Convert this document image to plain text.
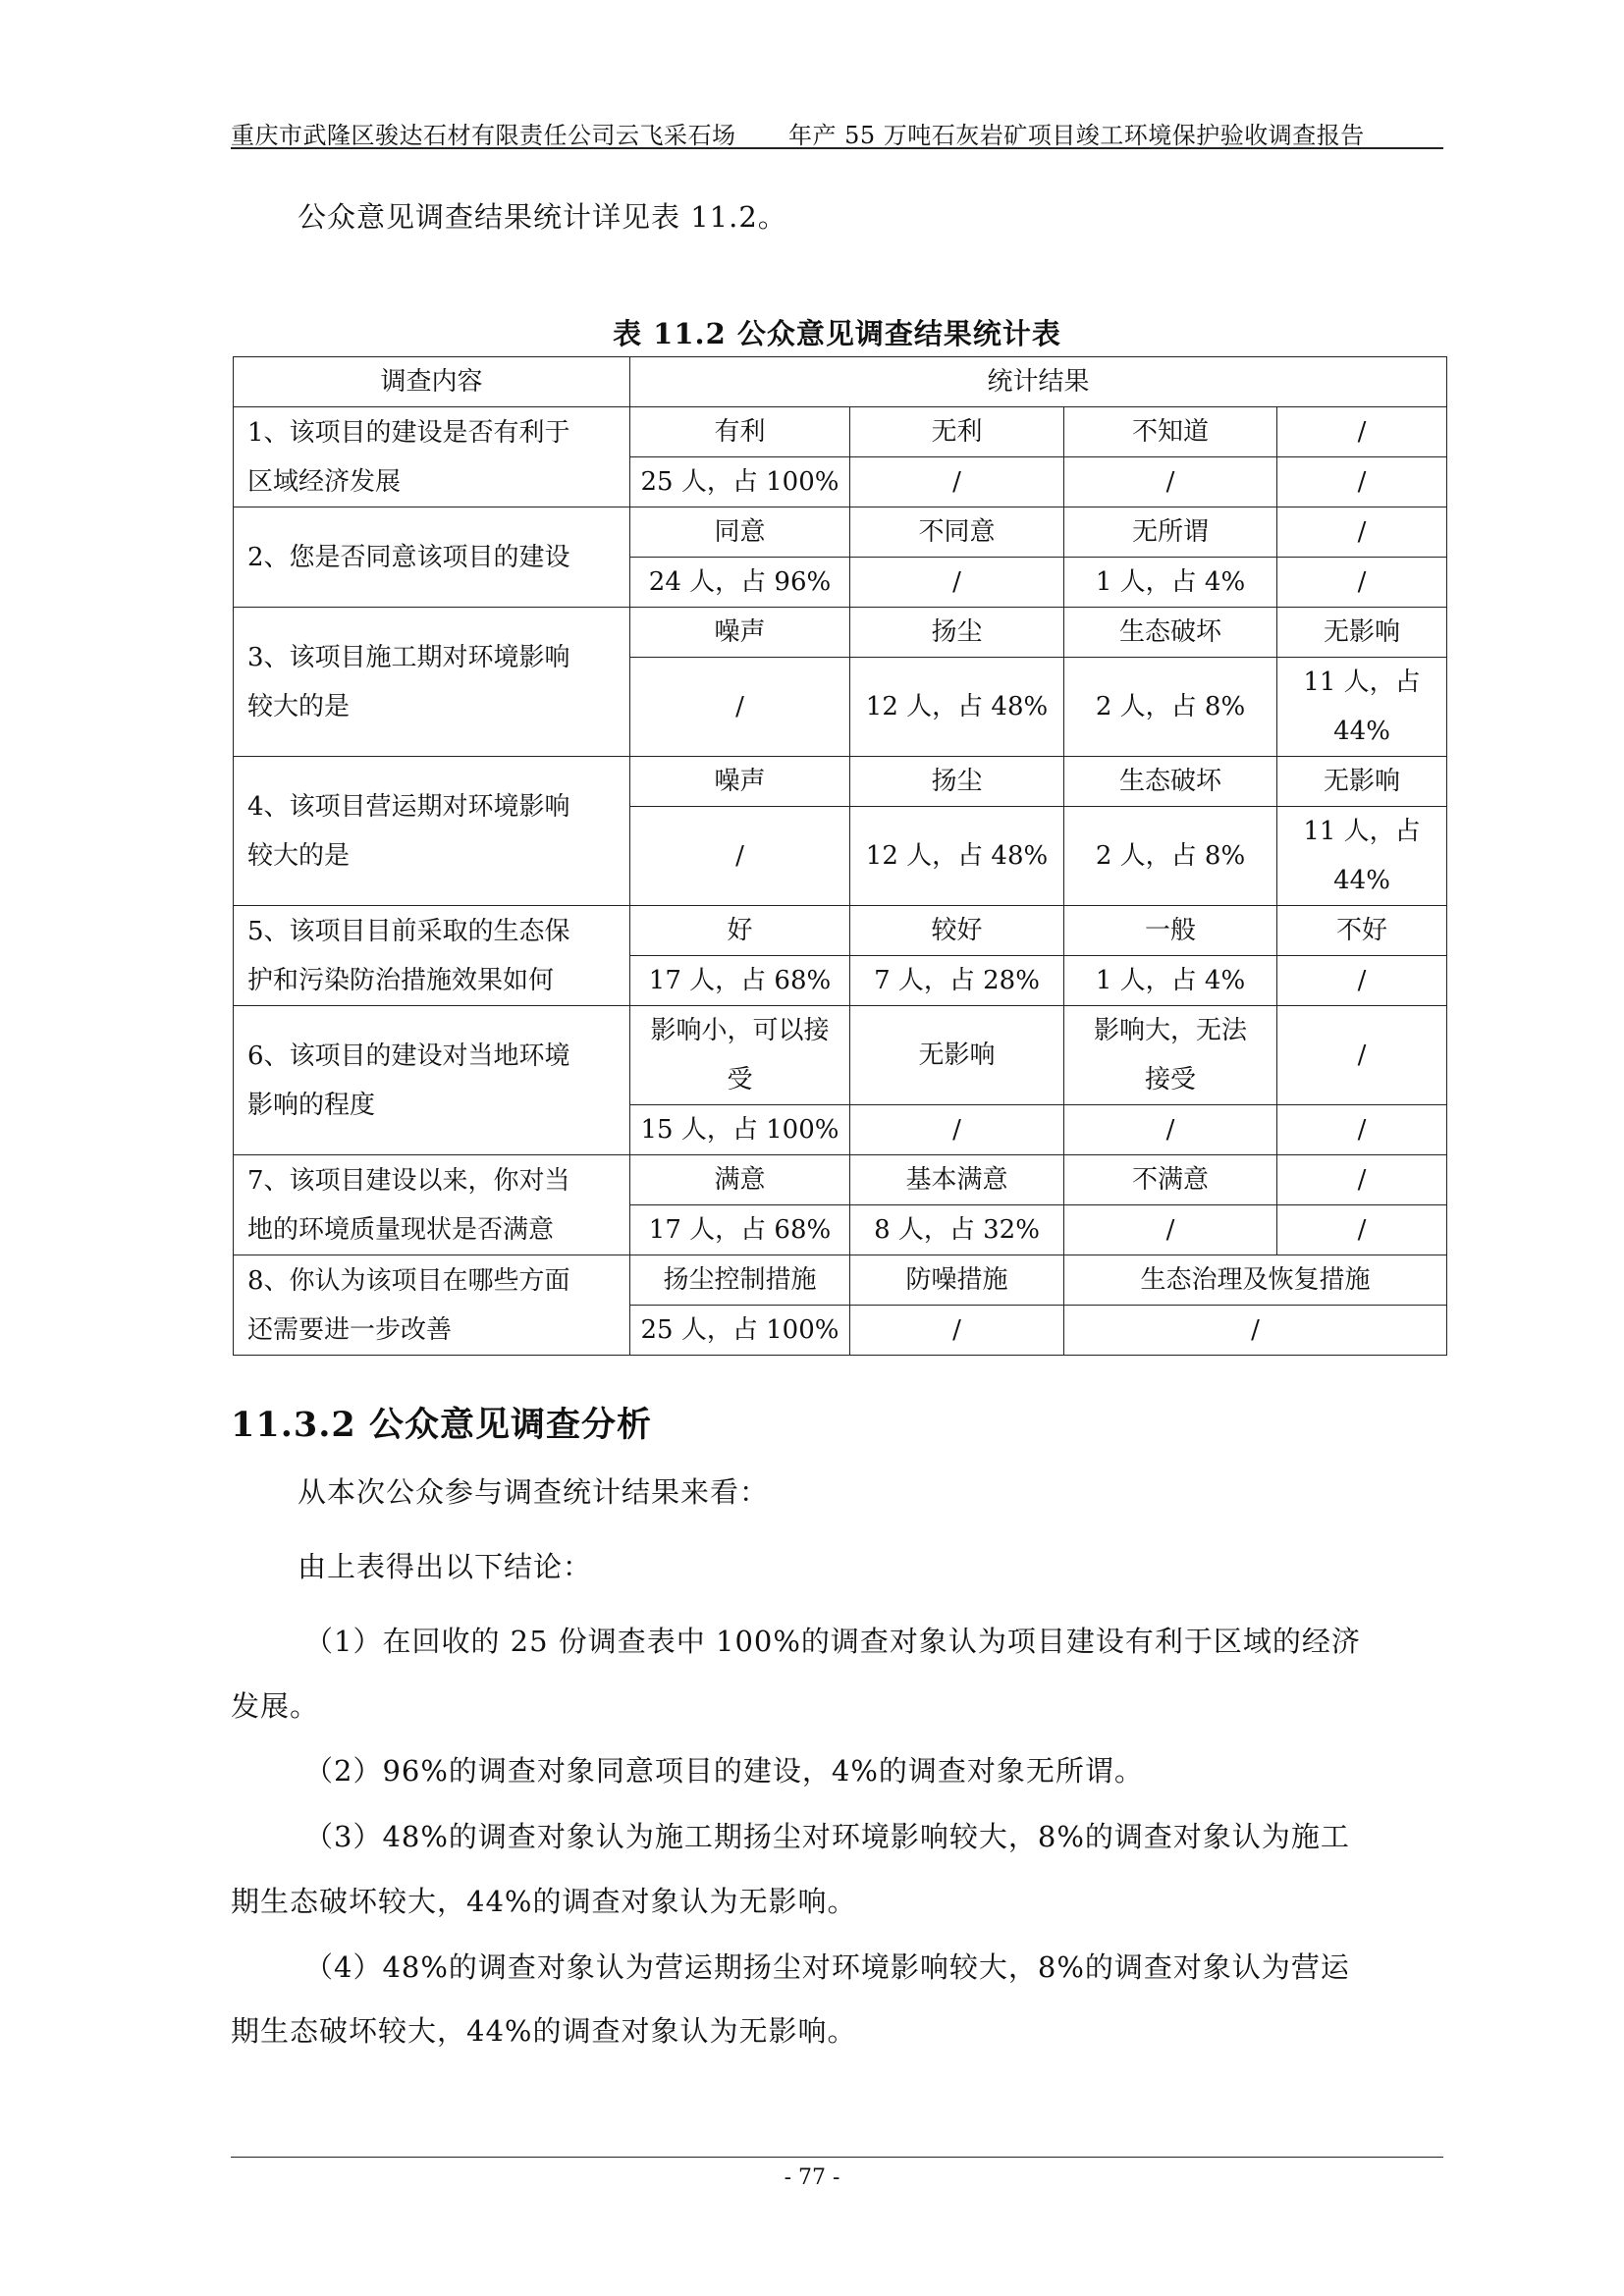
重庆市武隆区骏达石材有限责任公司云飞采石场 年产 55 万吨石灰岩矿项目竣工环境保护验收调查报告
公众意见调查结果统计详见表 11.2。
表 11.2 公众意见调查结果统计表
调查内容	统计结果			

1、该项目的建设是否有利于
区域经济发展	有利	无利	不知道	/
	25 人，占 100%	/	/	/
2、您是否同意该项目的建设	同意	不同意	无所谓	/
	24 人，占 96%	/	1 人，占 4%	/

3、该项目施工期对环境影响
较大的是	噪声	扬尘	生态破坏	无影响
	/	12 人，占 48%	2 人，占 8%	11 人，占
44%

4、该项目营运期对环境影响
较大的是	噪声	扬尘	生态破坏	无影响
	/	12 人，占 48%	2 人，占 8%	11 人，占
44%

5、该项目目前采取的生态保
护和污染防治措施效果如何	好	较好	一般	不好
	17 人，占 68%	7 人，占 28%	1 人，占 4%	/

6、该项目的建设对当地环境
影响的程度	影响小，可以接
受	无影响	影响大，无法
接受	/
	15 人，占 100%	/	/	/

7、该项目建设以来，你对当
地的环境质量现状是否满意	满意	基本满意	不满意	/
	17 人，占 68%	8 人，占 32%	/	/

8、你认为该项目在哪些方面
还需要进一步改善	扬尘控制措施	防噪措施	生态治理及恢复措施	
	25 人，占 100%	/	/	
11.3.2 公众意见调查分析
从本次公众参与调查统计结果来看：
由上表得出以下结论：
（1）在回收的 25 份调查表中 100%的调查对象认为项目建设有利于区域的经济
发展。
（2）96%的调查对象同意项目的建设，4%的调查对象无所谓。
（3）48%的调查对象认为施工期扬尘对环境影响较大，8%的调查对象认为施工
期生态破坏较大，44%的调查对象认为无影响。
（4）48%的调查对象认为营运期扬尘对环境影响较大，8%的调查对象认为营运
期生态破坏较大，44%的调查对象认为无影响。
- 77 -
